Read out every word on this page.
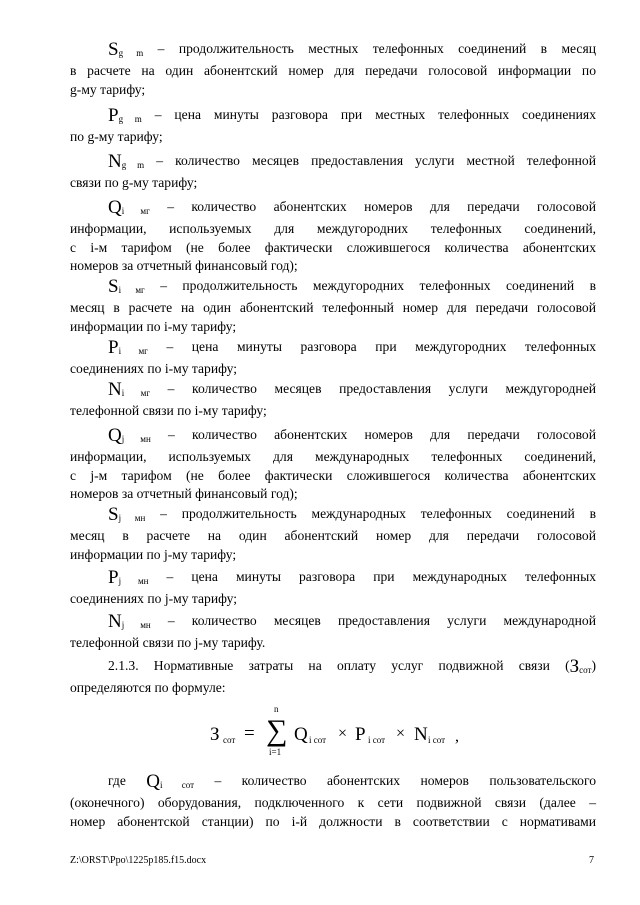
$S_{g m}$ – продолжительность местных телефонных соединений в месяц
в расчете на один абонентский номер для передачи голосовой информации по
g-му тарифу;
$P_{g m}$ – цена минуты разговора при местных телефонных соединениях
по g-му тарифу;
$N_{g m}$ – количество месяцев предоставления услуги местной телефонной
связи по g-му тарифу;
$Q_{i мг}$ – количество абонентских номеров для передачи голосовой
информации, используемых для междугородних телефонных соединений,
с i-м тарифом (не более фактически сложившегося количества абонентских
номеров за отчетный финансовый год);
$S_{i мг}$ – продолжительность междугородних телефонных соединений в
месяц в расчете на один абонентский телефонный номер для передачи голосовой
информации по i-му тарифу;
$P_{i мг}$ – цена минуты разговора при междугородних телефонных
соединениях по i-му тарифу;
$N_{i мг}$ – количество месяцев предоставления услуги междугородней
телефонной связи по i-му тарифу;
$Q_{j мн}$ – количество абонентских номеров для передачи голосовой
информации, используемых для международных телефонных соединений,
с j-м тарифом (не более фактически сложившегося количества абонентских
номеров за отчетный финансовый год);
$S_{j мн}$ – продолжительность международных телефонных соединений в
месяц в расчете на один абонентский номер для передачи голосовой
информации по j-му тарифу;
$P_{j мн}$ – цена минуты разговора при международных телефонных
соединениях по j-му тарифу;
$N_{j мн}$ – количество месяцев предоставления услуги международной
телефонной связи по j-му тарифу.
2.1.3. Нормативные затраты на оплату услуг подвижной связи $(З_{сот})$
определяются по формуле:
где $Q_{i сот}$ – количество абонентских номеров пользовательского
(оконечного) оборудования, подключенного к сети подвижной связи (далее –
номер абонентской станции) по i-й должности в соответствии с нормативами
З сот = ∑
n
i=1
Q i сот × P i сот × N i сот ,
Z:\ORST\Ppo\1225p185.f15.docx	7
